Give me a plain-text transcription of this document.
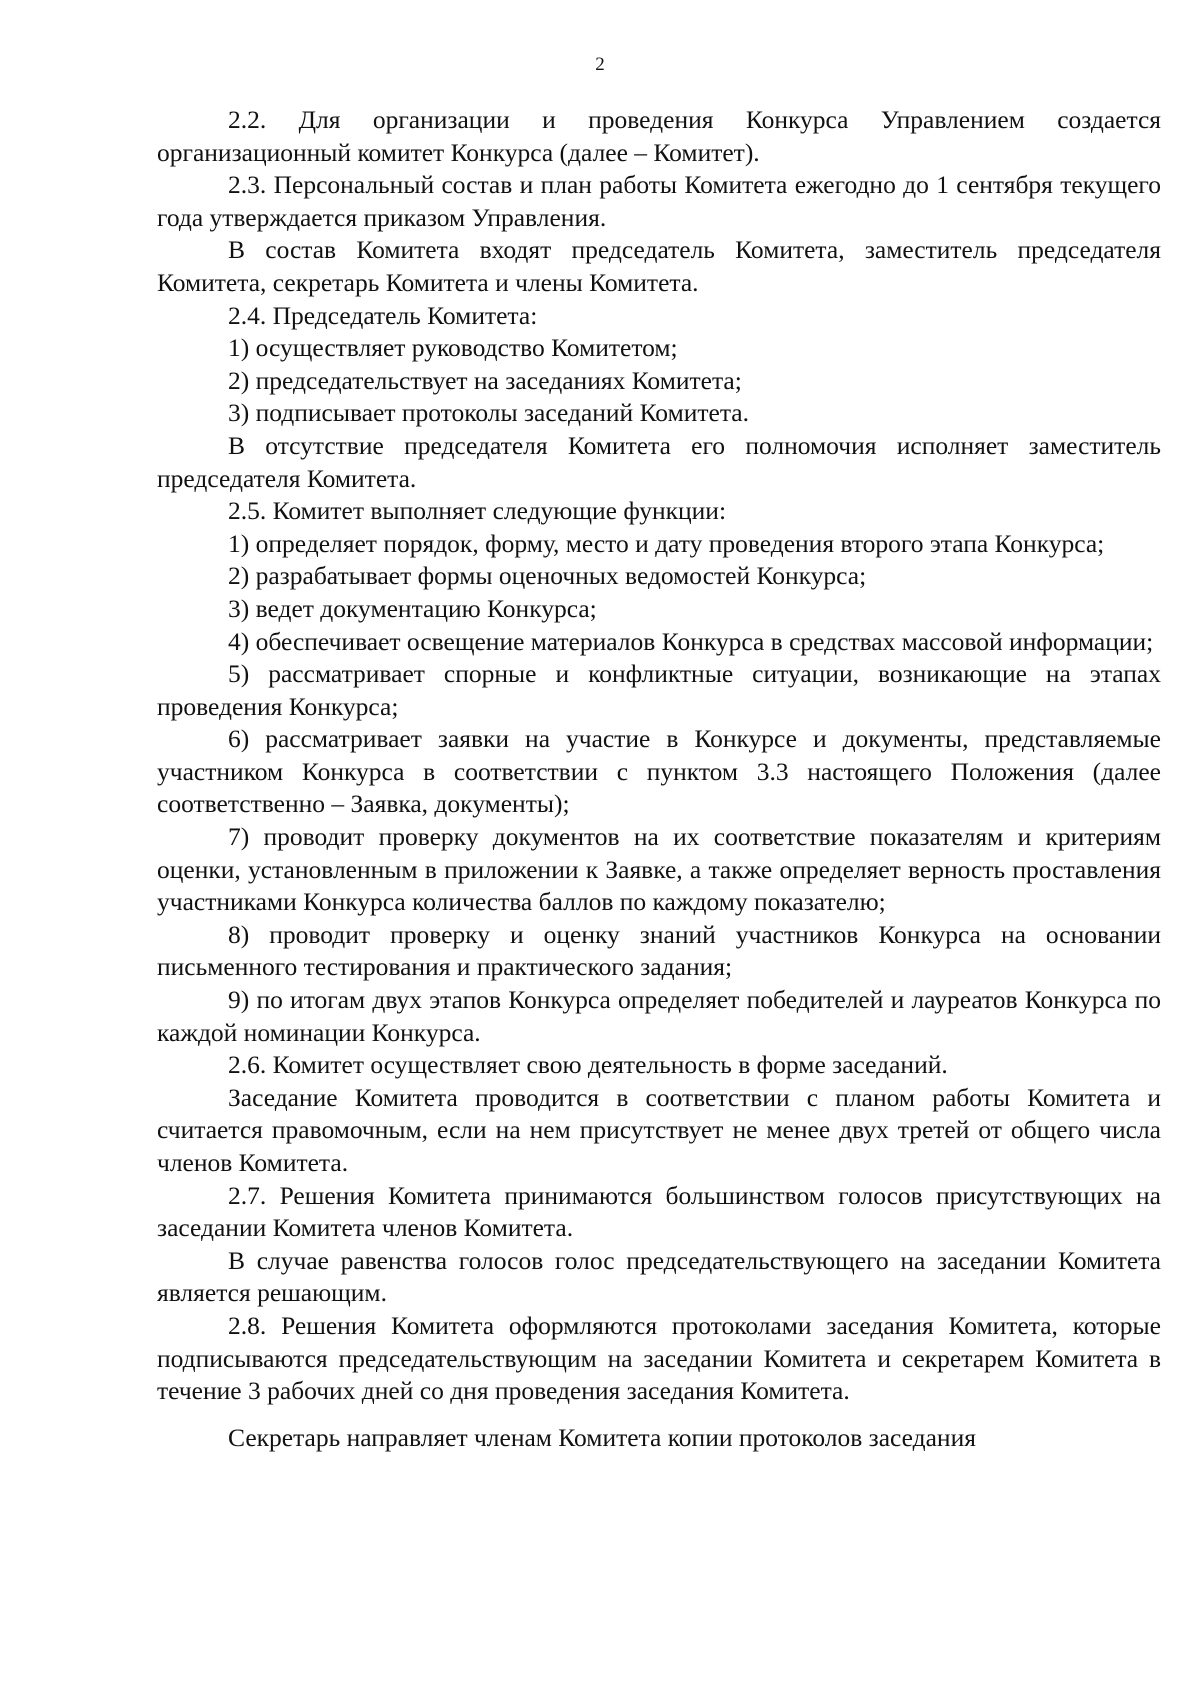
2

2.2. Для организации и проведения Конкурса Управлением создается организационный комитет Конкурса (далее – Комитет).

2.3. Персональный состав и план работы Комитета ежегодно до 1 сентября текущего года утверждается приказом Управления.

В состав Комитета входят председатель Комитета, заместитель председателя Комитета, секретарь Комитета и члены Комитета.

2.4. Председатель Комитета:

1) осуществляет руководство Комитетом;

2) председательствует на заседаниях Комитета;

3) подписывает протоколы заседаний Комитета.

В отсутствие председателя Комитета его полномочия исполняет заместитель председателя Комитета.

2.5. Комитет выполняет следующие функции:

1) определяет порядок, форму, место и дату проведения второго этапа Конкурса;

2) разрабатывает формы оценочных ведомостей Конкурса;

3) ведет документацию Конкурса;

4) обеспечивает освещение материалов Конкурса в средствах массовой информации;

5) рассматривает спорные и конфликтные ситуации, возникающие на этапах проведения Конкурса;

6) рассматривает заявки на участие в Конкурсе и документы, представляемые участником Конкурса в соответствии с пунктом 3.3 настоящего Положения (далее соответственно – Заявка, документы);

7) проводит проверку документов на их соответствие показателям и критериям оценки, установленным в приложении к Заявке, а также определяет верность проставления участниками Конкурса количества баллов по каждому показателю;

8) проводит проверку и оценку знаний участников Конкурса на основании письменного тестирования и практического задания;

9) по итогам двух этапов Конкурса определяет победителей и лауреатов Конкурса по каждой номинации Конкурса.

2.6. Комитет осуществляет свою деятельность в форме заседаний.

Заседание Комитета проводится в соответствии с планом работы Комитета и считается правомочным, если на нем присутствует не менее двух третей от общего числа членов Комитета.

2.7. Решения Комитета принимаются большинством голосов присутствующих на заседании Комитета членов Комитета.

В случае равенства голосов голос председательствующего на заседании Комитета является решающим.

2.8. Решения Комитета оформляются протоколами заседания Комитета, которые подписываются председательствующим на заседании Комитета и секретарем Комитета в течение 3 рабочих дней со дня проведения заседания Комитета.

Секретарь направляет членам Комитета копии протоколов заседания
